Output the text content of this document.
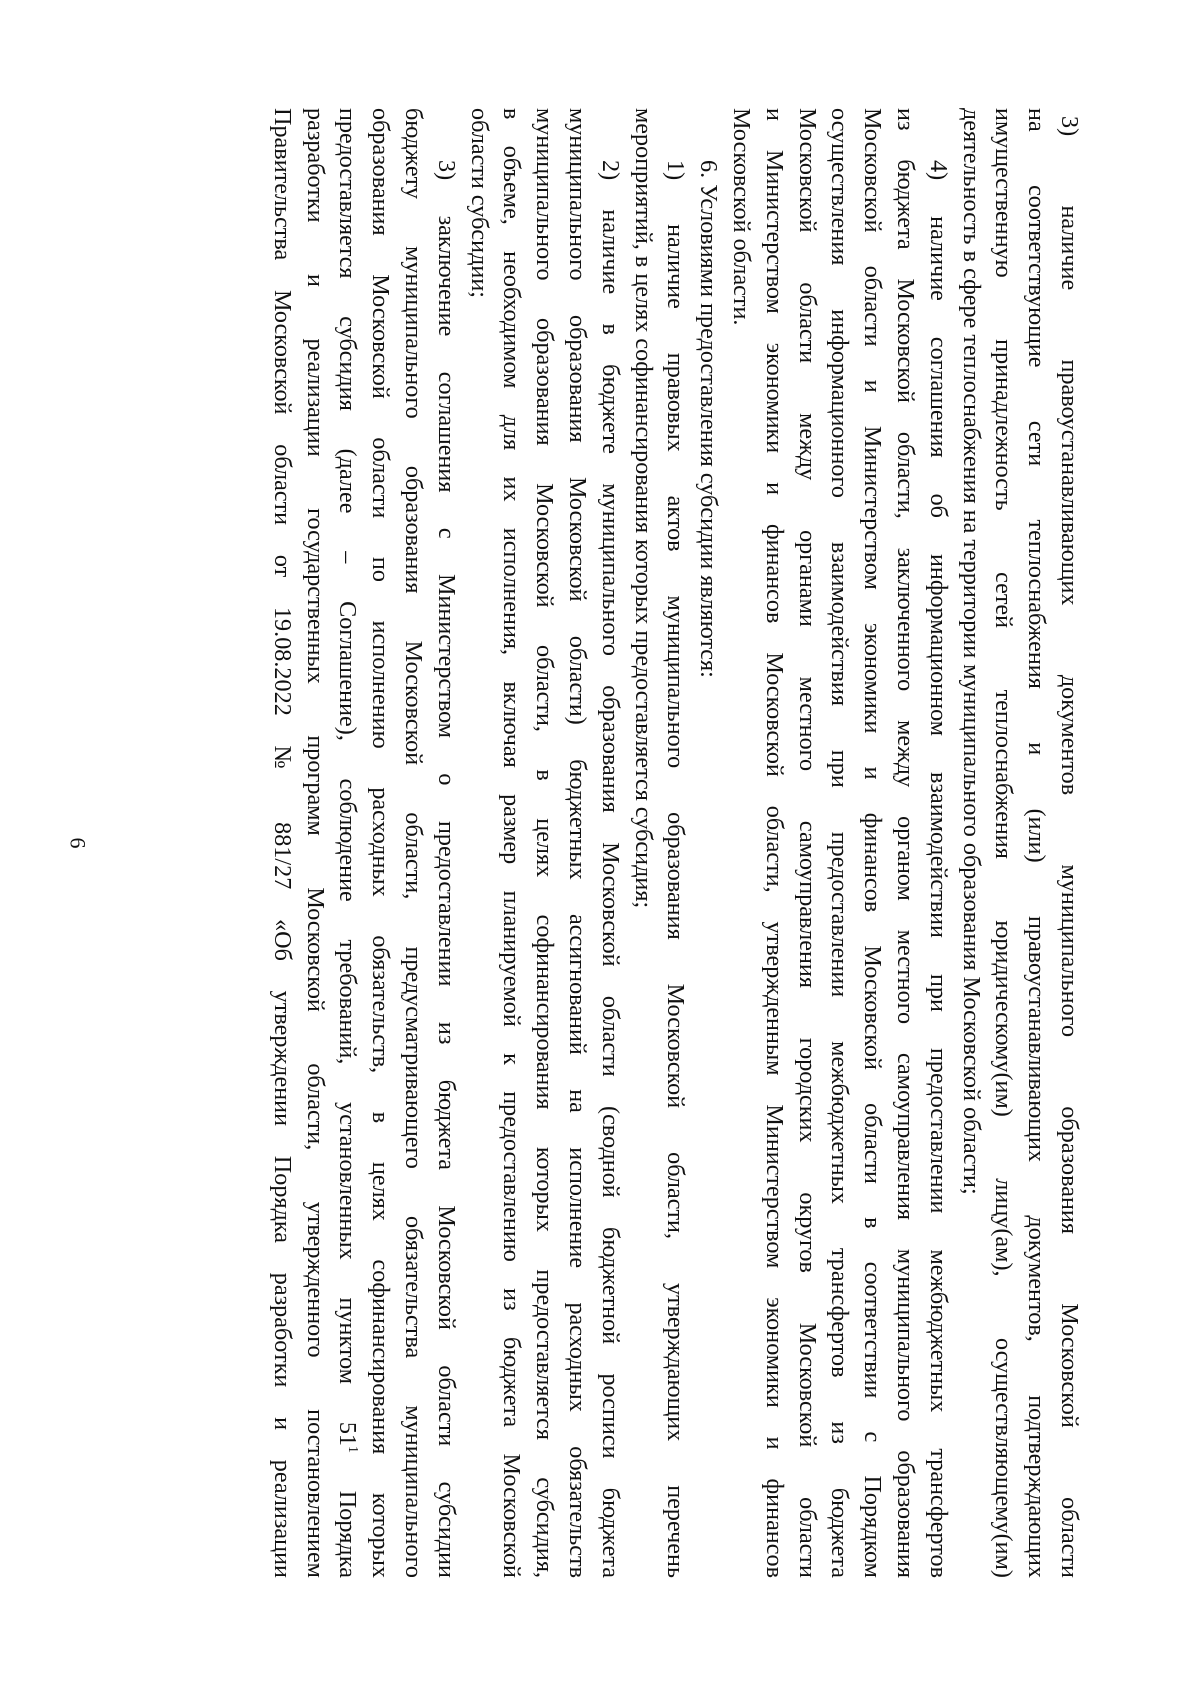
6	3) наличие правоустанавливающих документов муниципального образования Московской области
на соответствующие сети теплоснабжения и (или) правоустанавливающих документов, подтверждающих
имущественную принадлежность сетей теплоснабжения юридическому(им) лицу(ам), осуществляющему(им)
деятельность в сфере теплоснабжения на территории муниципального образования Московской области;
4) наличие соглашения об информационном взаимодействии при предоставлении межбюджетных трансфертов
из бюджета Московской области, заключенного между органом местного самоуправления муниципального образования
Московской области и Министерством экономики и финансов Московской области в соответствии с Порядком
осуществления информационного взаимодействия при предоставлении межбюджетных трансфертов из бюджета
Московской области между органами местного самоуправления городских округов Московской области
и Министерством экономики и финансов Московской области, утвержденным Министерством экономики и финансов
Московской области.
6. Условиями предоставления субсидии являются:
1) наличие правовых актов муниципального образования Московской области, утверждающих перечень
мероприятий, в целях софинансирования которых предоставляется субсидия;
2) наличие в бюджете муниципального образования Московской области (сводной бюджетной росписи бюджета
муниципального образования Московской области) бюджетных ассигнований на исполнение расходных обязательств
муниципального образования Московской области, в целях софинансирования которых предоставляется субсидия,
в объеме, необходимом для их исполнения, включая размер планируемой к предоставлению из бюджета Московской
области субсидии;
3) заключение соглашения с Министерством о предоставлении из бюджета Московской области субсидии
бюджету муниципального образования Московской области, предусматривающего обязательства муниципального
образования Московской области по исполнению расходных обязательств, в целях софинансирования которых
предоставляется субсидия (далее – Соглашение), соблюдение требований, установленных пунктом $51^1$ Порядка
разработки и реализации государственных программ Московской области, утвержденного постановлением
Правительства Московской области от 19.08.2022 № 881/27 «Об утверждении Порядка разработки и реализации
